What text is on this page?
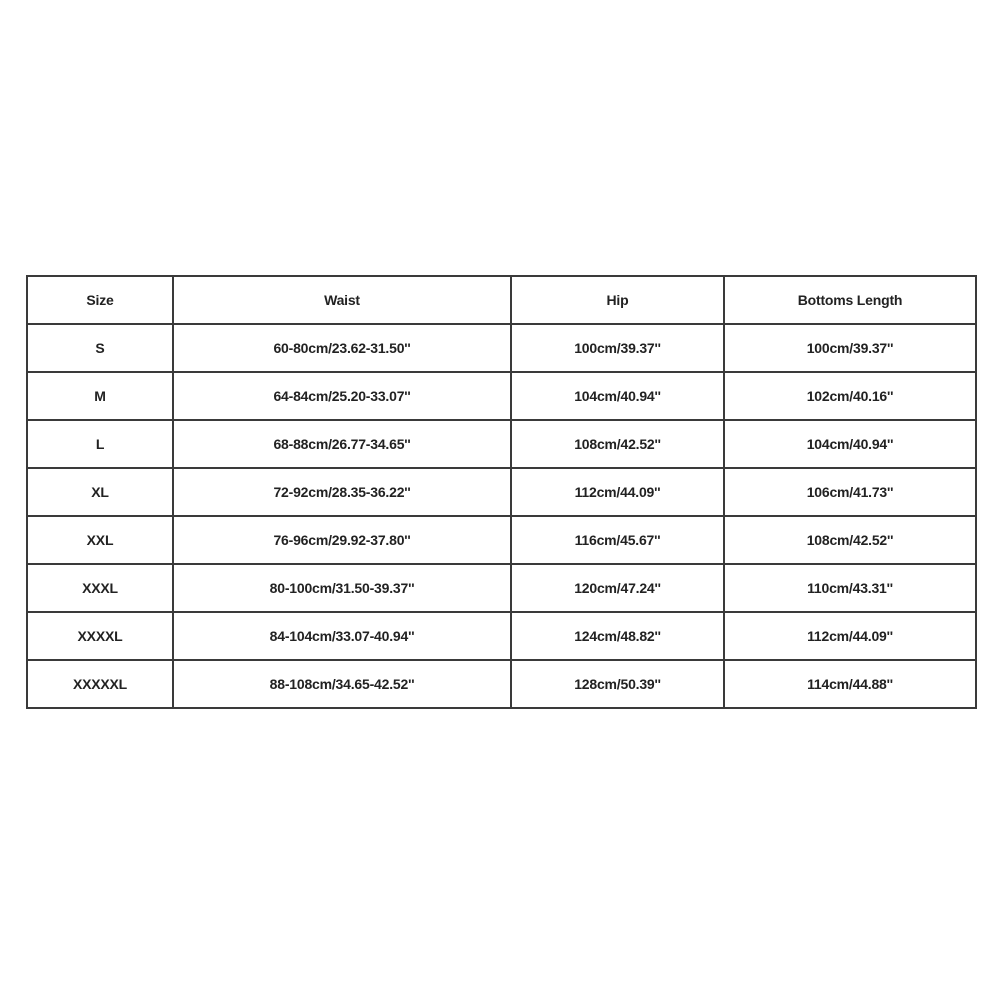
Size	Waist	Hip	Bottoms Length
S	60-80cm/23.62-31.50''	100cm/39.37''	100cm/39.37''
M	64-84cm/25.20-33.07''	104cm/40.94''	102cm/40.16''
L	68-88cm/26.77-34.65''	108cm/42.52''	104cm/40.94''
XL	72-92cm/28.35-36.22''	112cm/44.09''	106cm/41.73''
XXL	76-96cm/29.92-37.80''	116cm/45.67''	108cm/42.52''
XXXL	80-100cm/31.50-39.37''	120cm/47.24''	110cm/43.31''
XXXXL	84-104cm/33.07-40.94''	124cm/48.82''	112cm/44.09''
XXXXXL	88-108cm/34.65-42.52''	128cm/50.39''	114cm/44.88''
